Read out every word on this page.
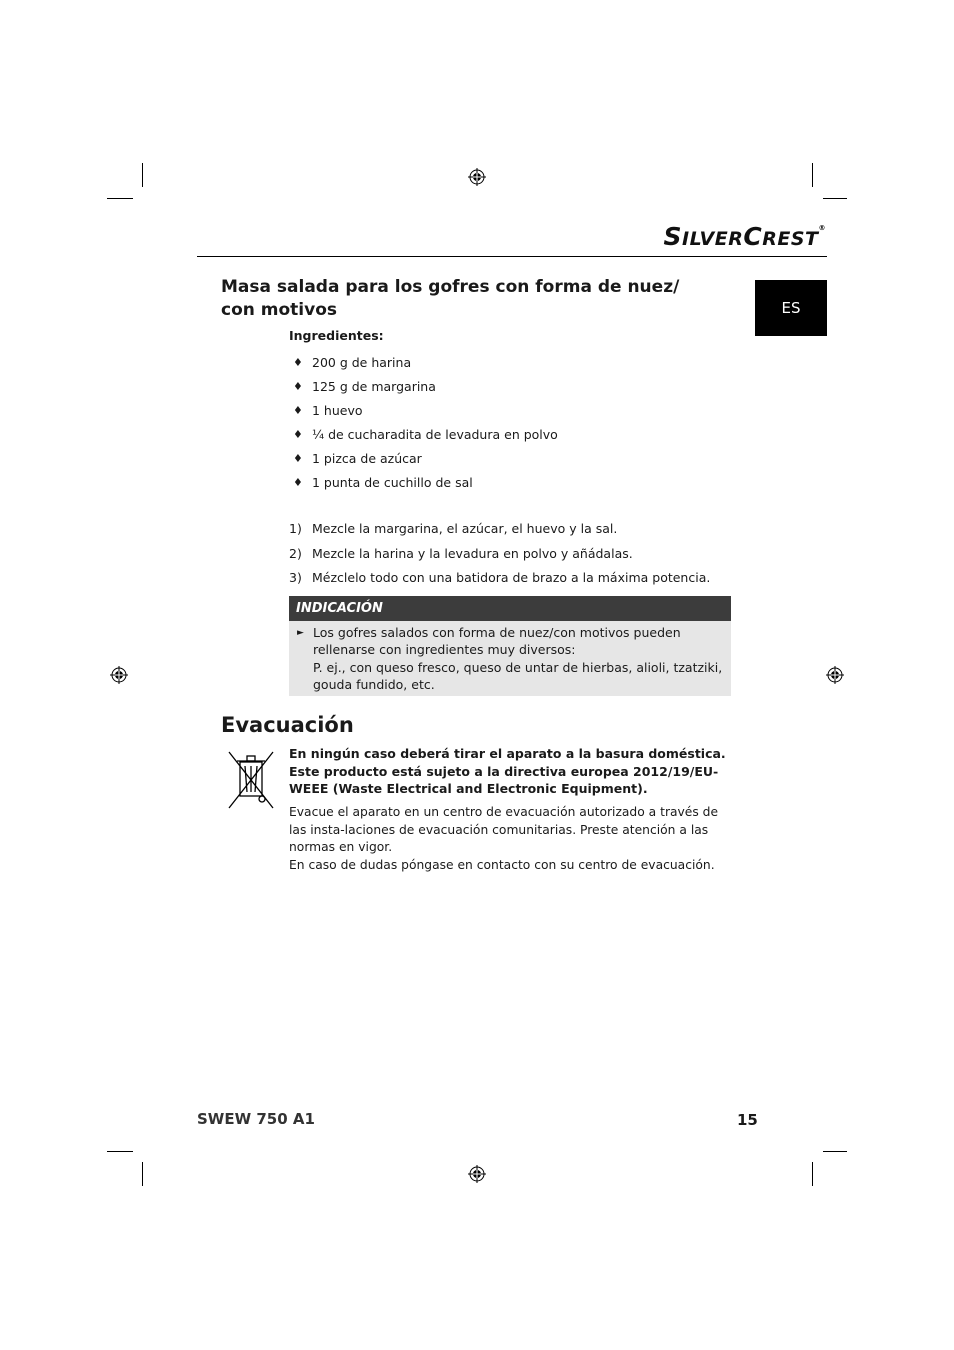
SILVERCREST®
ES
Masa salada para los gofres con forma de nuez/ con motivos
Ingredientes:
♦ 200 g de harina
♦ 125 g de margarina
♦ 1 huevo
♦ ¼ de cucharadita de levadura en polvo
♦ 1 pizca de azúcar
♦ 1 punta de cuchillo de sal
1) Mezcle la margarina, el azúcar, el huevo y la sal.
2) Mezcle la harina y la levadura en polvo y añádalas.
3) Mézclelo todo con una batidora de brazo a la máxima potencia.
INDICACIÓN
► Los gofres salados con forma de nuez/con motivos pueden rellenarse con ingredientes muy diversos:
P. ej., con queso fresco, queso de untar de hierbas, alioli, tzatziki, gouda fundido, etc.
Evacuación
En ningún caso deberá tirar el aparato a la basura doméstica. Este producto está sujeto a la directiva europea 2012/19/EU-WEEE (Waste Electrical and Electronic Equipment).
Evacue el aparato en un centro de evacuación autorizado a través de las insta-laciones de evacuación comunitarias. Preste atención a las normas en vigor.
En caso de dudas póngase en contacto con su centro de evacuación.
SWEW 750 A1	15
